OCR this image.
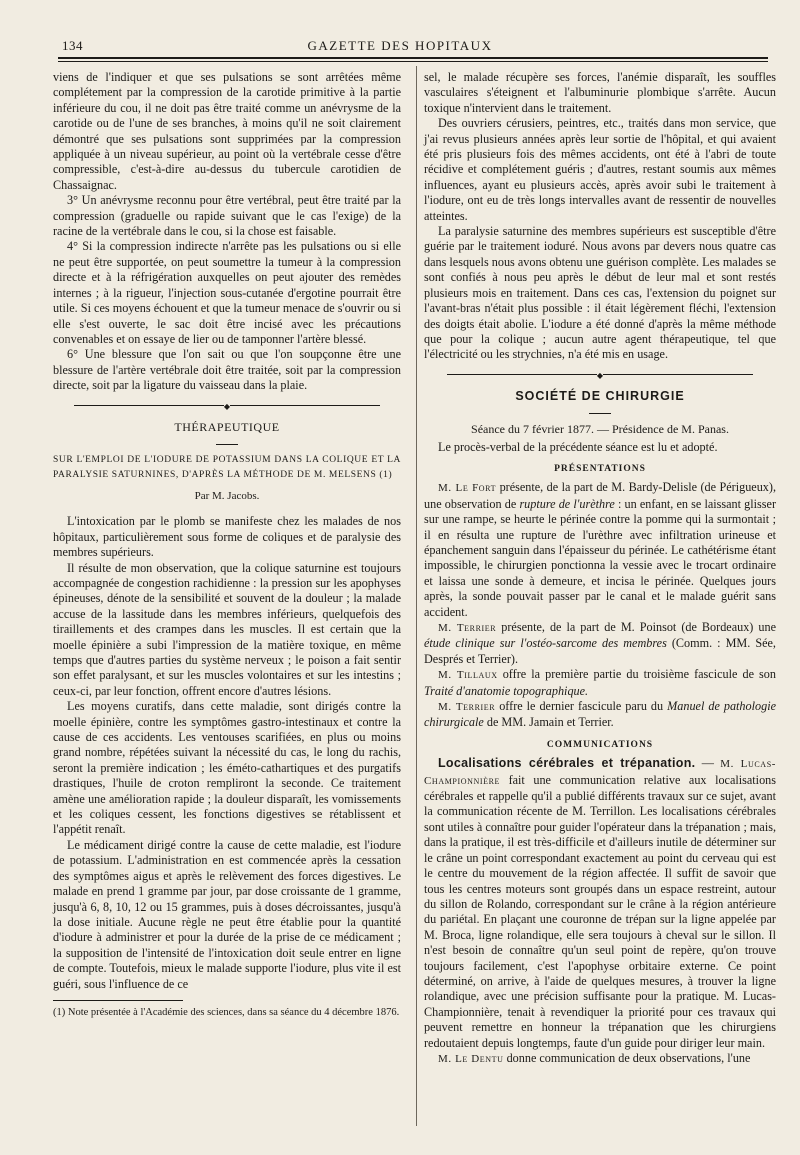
134	GAZETTE DES HOPITAUX

viens de l'indiquer et que ses pulsations se sont arrêtées même complétement par la compression de la carotide primitive à la partie inférieure du cou, il ne doit pas être traité comme un anévrysme de la carotide ou de l'une de ses branches, à moins qu'il ne soit clairement démontré que ses pulsations sont supprimées par la compression appliquée à un niveau supérieur, au point où la vertébrale cesse d'être compressible, c'est-à-dire au-dessus du tubercule carotidien de Chassaignac.

3° Un anévrysme reconnu pour être vertébral, peut être traité par la compression (graduelle ou rapide suivant que le cas l'exige) de la racine de la vertébrale dans le cou, si la chose est faisable.

4° Si la compression indirecte n'arrête pas les pulsations ou si elle ne peut être supportée, on peut soumettre la tumeur à la compression directe et à la réfrigération auxquelles on peut ajouter des remèdes internes ; à la rigueur, l'injection sous-cutanée d'ergotine pourrait être utile. Si ces moyens échouent et que la tumeur menace de s'ouvrir ou si elle s'est ouverte, le sac doit être incisé avec les précautions convenables et on essaye de lier ou de tamponner l'artère blessé.

6° Une blessure que l'on sait ou que l'on soupçonne être une blessure de l'artère vertébrale doit être traitée, soit par la compression directe, soit par la ligature du vaisseau dans la plaie.

◆
THÉRAPEUTIQUE

SUR L'EMPLOI DE L'IODURE DE POTASSIUM DANS LA COLIQUE ET LA PARALYSIE SATURNINES, D'APRÈS LA MÉTHODE DE M. MELSENS (1)

Par M. Jacobs.

L'intoxication par le plomb se manifeste chez les malades de nos hôpitaux, particulièrement sous forme de coliques et de paralysie des membres supérieurs.

Il résulte de mon observation, que la colique saturnine est toujours accompagnée de congestion rachidienne : la pression sur les apophyses épineuses, dénote de la sensibilité et souvent de la douleur ; la malade accuse de la lassitude dans les membres inférieurs, quelquefois des tiraillements et des crampes dans les muscles. Il est certain que la moelle épinière a subi l'impression de la matière toxique, en même temps que d'autres parties du système nerveux ; le poison a fait sentir son effet paralysant, et sur les muscles volontaires et sur les intestins ; ceux-ci, par leur fonction, offrent encore d'autres lésions.

Les moyens curatifs, dans cette maladie, sont dirigés contre la moelle épinière, contre les symptômes gastro-intestinaux et contre la cause de ces accidents. Les ventouses scarifiées, en plus ou moins grand nombre, répétées suivant la nécessité du cas, le long du rachis, seront la première indication ; les éméto-cathartiques et des purgatifs drastiques, l'huile de croton rempliront la seconde. Ce traitement amène une amélioration rapide ; la douleur disparaît, les vomissements et les coliques cessent, les fonctions digestives se rétablissent et l'appétit renaît.

Le médicament dirigé contre la cause de cette maladie, est l'iodure de potassium. L'administration en est commencée après la cessation des symptômes aigus et après le relèvement des forces digestives. Le malade en prend 1 gramme par jour, par dose croissante de 1 gramme, jusqu'à 6, 8, 10, 12 ou 15 grammes, puis à doses décroissantes, jusqu'à la dose initiale. Aucune règle ne peut être établie pour la quantité d'iodure à administrer et pour la durée de la prise de ce médicament ; la supposition de l'intensité de l'intoxication doit seule entrer en ligne de compte. Toutefois, mieux le malade supporte l'iodure, plus vite il est guéri, sous l'influence de ce

(1) Note présentée à l'Académie des sciences, dans sa séance du 4 décembre 1876.

sel, le malade récupère ses forces, l'anémie disparaît, les souffles vasculaires s'éteignent et l'albuminurie plombique s'arrête. Aucun toxique n'intervient dans le traitement.

Des ouvriers cérusiers, peintres, etc., traités dans mon service, que j'ai revus plusieurs années après leur sortie de l'hôpital, et qui avaient été pris plusieurs fois des mêmes accidents, ont été à l'abri de toute récidive et complétement guéris ; d'autres, restant soumis aux mêmes influences, ayant eu plusieurs accès, après avoir subi le traitement à l'iodure, ont eu de très longs intervalles avant de ressentir de nouvelles atteintes.

La paralysie saturnine des membres supérieurs est susceptible d'être guérie par le traitement ioduré. Nous avons par devers nous quatre cas dans lesquels nous avons obtenu une guérison complète. Les malades se sont confiés à nous peu après le début de leur mal et sont restés plusieurs mois en traitement. Dans ces cas, l'extension du poignet sur l'avant-bras n'était plus possible : il était légèrement fléchi, l'extension des doigts était abolie. L'iodure a été donné d'après la même méthode que pour la colique ; aucun autre agent thérapeutique, tel que l'électricité ou les strychnies, n'a été mis en usage.

◆
SOCIÉTÉ DE CHIRURGIE
Séance du 7 février 1877. — Présidence de M. Panas.

Le procès-verbal de la précédente séance est lu et adopté.

PRÉSENTATIONS

M. Le Fort présente, de la part de M. Bardy-Delisle (de Périgueux), une observation de rupture de l'urèthre : un enfant, en se laissant glisser sur une rampe, se heurte le périnée contre la pomme qui la surmontait ; il en résulta une rupture de l'urèthre avec infiltration urineuse et épanchement sanguin dans l'épaisseur du périnée. Le cathétérisme étant impossible, le chirurgien ponctionna la vessie avec le trocart ordinaire et laissa une sonde à demeure, et incisa le périnée. Quelques jours après, la sonde pouvait passer par le canal et le malade guérit sans accident.

M. Terrier présente, de la part de M. Poinsot (de Bordeaux) une étude clinique sur l'ostéo-sarcome des membres (Comm. : MM. Sée, Després et Terrier).

M. Tillaux offre la première partie du troisième fascicule de son Traité d'anatomie topographique.

M. Terrier offre le dernier fascicule paru du Manuel de pathologie chirurgicale de MM. Jamain et Terrier.

COMMUNICATIONS

Localisations cérébrales et trépanation. — M. Lucas-Championnière fait une communication relative aux localisations cérébrales et rappelle qu'il a publié différents travaux sur ce sujet, avant la communication récente de M. Terrillon. Les localisations cérébrales sont utiles à connaître pour guider l'opérateur dans la trépanation ; mais, dans la pratique, il est très-difficile et d'ailleurs inutile de déterminer sur le crâne un point correspondant exactement au point du cerveau qui est le centre du mouvement de la région affectée. Il suffit de savoir que tous les centres moteurs sont groupés dans un espace restreint, autour du sillon de Rolando, correspondant sur le crâne à la région antérieure du pariétal. En plaçant une couronne de trépan sur la ligne appelée par M. Broca, ligne rolandique, elle sera toujours à cheval sur le sillon. Il n'est besoin de connaître qu'un seul point de repère, qu'on trouve toujours facilement, c'est l'apophyse orbitaire externe. Ce point déterminé, on arrive, à l'aide de quelques mesures, à trouver la ligne rolandique, avec une précision suffisante pour la pratique. M. Lucas-Championnière, tenait à revendiquer la priorité pour ces travaux qui peuvent remettre en honneur la trépanation que les chirurgiens redoutaient depuis longtemps, faute d'un guide pour diriger leur main.

M. Le Dentu donne communication de deux observations, l'une
